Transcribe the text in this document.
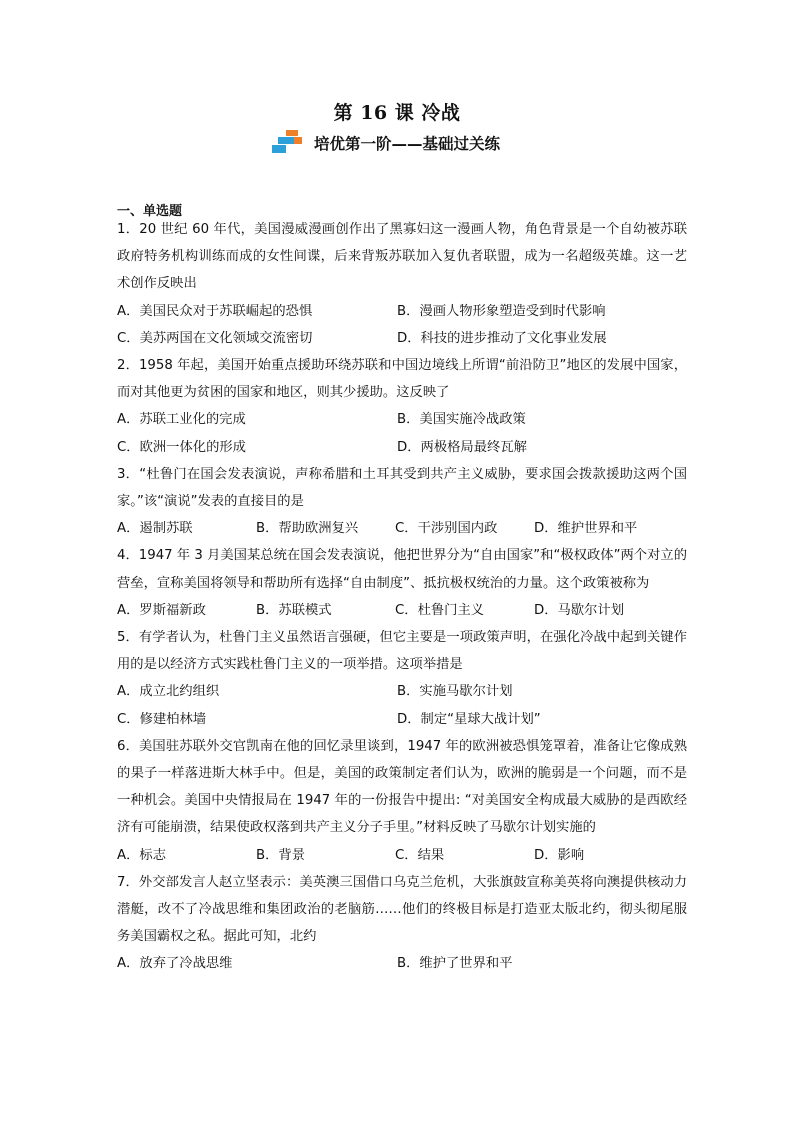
第 16 课 冷战
培优第一阶——基础过关练
一、单选题

1．20 世纪 60 年代，美国漫威漫画创作出了黑寡妇这一漫画人物，角色背景是一个自幼被苏联政府特务机构训练而成的女性间谍，后来背叛苏联加入复仇者联盟，成为一名超级英雄。这一艺术创作反映出

A．美国民众对于苏联崛起的恐惧	B．漫画人物形象塑造受到时代影响
C．美苏两国在文化领域交流密切	D．科技的进步推动了文化事业发展

2．1958 年起，美国开始重点援助环绕苏联和中国边境线上所谓“前沿防卫”地区的发展中国家，而对其他更为贫困的国家和地区，则其少援助。这反映了

A．苏联工业化的完成	B．美国实施冷战政策
C．欧洲一体化的形成	D．两极格局最终瓦解

3．“杜鲁门在国会发表演说，声称希腊和土耳其受到共产主义威胁，要求国会拨款援助这两个国家。”该“演说”发表的直接目的是

A．遏制苏联	B．帮助欧洲复兴	C．干涉别国内政	D．维护世界和平

4．1947 年 3 月美国某总统在国会发表演说，他把世界分为“自由国家”和“极权政体”两个对立的营垒，宣称美国将领导和帮助所有选择“自由制度”、抵抗极权统治的力量。这个政策被称为

A．罗斯福新政	B．苏联模式	C．杜鲁门主义	D．马歇尔计划

5．有学者认为，杜鲁门主义虽然语言强硬，但它主要是一项政策声明，在强化冷战中起到关键作用的是以经济方式实践杜鲁门主义的一项举措。这项举措是

A．成立北约组织	B．实施马歇尔计划
C．修建柏林墙	D．制定“星球大战计划”

6．美国驻苏联外交官凯南在他的回忆录里谈到，1947 年的欧洲被恐惧笼罩着，准备让它像成熟的果子一样落进斯大林手中。但是，美国的政策制定者们认为，欧洲的脆弱是一个问题，而不是一种机会。美国中央情报局在 1947 年的一份报告中提出: “对美国安全构成最大威胁的是西欧经济有可能崩溃，结果使政权落到共产主义分子手里。”材料反映了马歇尔计划实施的

A．标志	B．背景	C．结果	D．影响

7．外交部发言人赵立坚表示：美英澳三国借口乌克兰危机，大张旗鼓宣称美英将向澳提供核动力潜艇，改不了冷战思维和集团政治的老脑筋……他们的终极目标是打造亚太版北约，彻头彻尾服务美国霸权之私。据此可知，北约

A．放弃了冷战思维	B．维护了世界和平
